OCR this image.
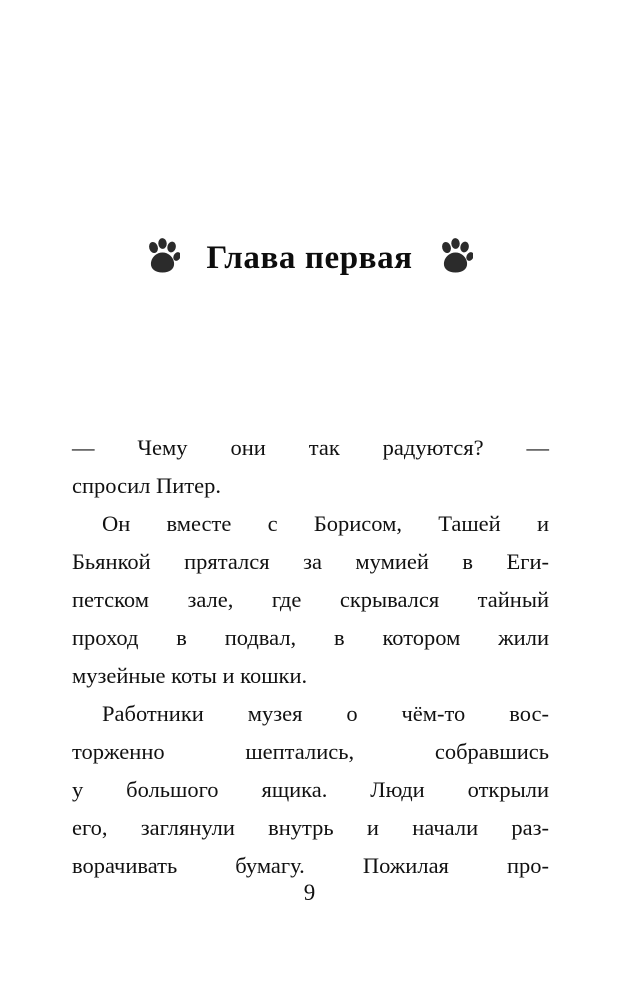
Глава первая

— Чему они так радуются? —

спросил Питер.

Он вместе с Борисом, Ташей и

Бьянкой прятался за мумией в Еги-

петском зале, где скрывался тайный

проход в подвал, в котором жили

музейные коты и кошки.

Работники музея о чём-то вос-

торженно шептались, собравшись

у большого ящика. Люди открыли

его, заглянули внутрь и начали раз-

ворачивать бумагу. Пожилая про-

9
